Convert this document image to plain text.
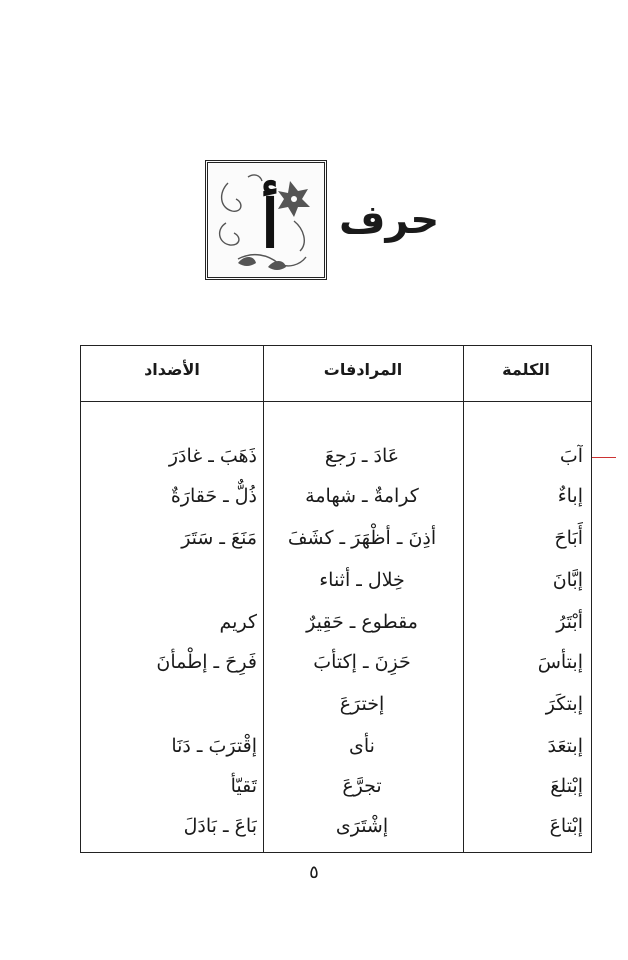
أ حرف
الكلمة
المرادفات
الأضداد
آبَ
عَادَ ـ رَجعَ
ذَهَبَ ـ غادَرَ
إباءٌ
كرامةٌ ـ شهامة
ذُلٌّ ـ حَقارَةٌ
أَبَاحَ
أذِنَ ـ أظْهَرَ ـ كشَفَ
مَنَعَ ـ سَتَرَ
إبَّانَ
خِلال ـ أثناء
أبْتَرُ
مقطوع ـ حَقِيرٌ
كريم
إبتأسَ
حَزِنَ ـ إكتأبَ
فَرِحَ ـ إطْمأنَ
إبتكَرَ
إخترَعَ
إبتعَدَ
نأى
إقْترَبَ ـ دَنَا
إبْتلعَ
تجرَّعَ
تَقيّأ
إبْتاعَ
إشْتَرَى
بَاعَ ـ بَادَلَ
٥
